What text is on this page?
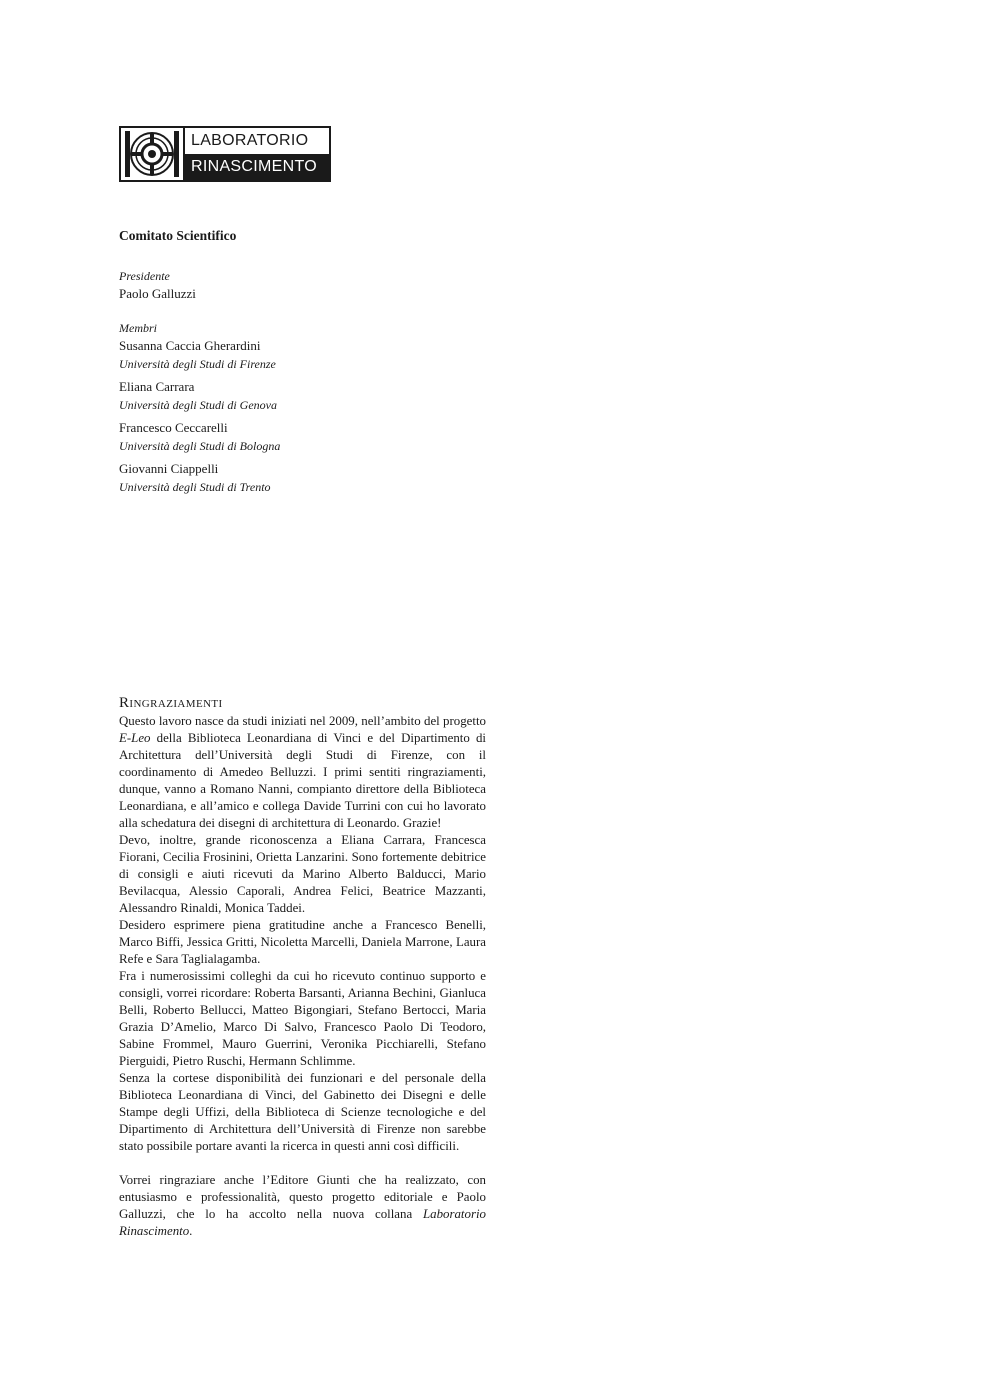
LABORATORIO
RINASCIMENTO
Comitato Scientifico
Presidente
Paolo Galluzzi
Membri
Susanna Caccia Gherardini
Università degli Studi di Firenze
Eliana Carrara
Università degli Studi di Genova
Francesco Ceccarelli
Università degli Studi di Bologna
Giovanni Ciappelli
Università degli Studi di Trento
Ringraziamenti

Questo lavoro nasce da studi iniziati nel 2009, nell’ambito del progetto E-Leo della Biblioteca Leonardiana di Vinci e del Dipartimento di Architettura dell’Università degli Studi di Firenze, con il coordinamento di Amedeo Belluzzi. I primi sentiti ringraziamenti, dunque, vanno a Romano Nanni, compianto direttore della Biblioteca Leonardiana, e all’amico e collega Davide Turrini con cui ho lavorato alla schedatura dei disegni di architettura di Leonardo. Grazie!

Devo, inoltre, grande riconoscenza a Eliana Carrara, Francesca Fiorani, Cecilia Frosinini, Orietta Lanzarini. Sono fortemente debitrice di consigli e aiuti ricevuti da Marino Alberto Balducci, Mario Bevilacqua, Alessio Caporali, Andrea Felici, Beatrice Mazzanti, Alessandro Rinaldi, Monica Taddei.

Desidero esprimere piena gratitudine anche a Francesco Benelli, Marco Biffi, Jessica Gritti, Nicoletta Marcelli, Daniela Marrone, Laura Refe e Sara Taglialagamba.

Fra i numerosissimi colleghi da cui ho ricevuto continuo supporto e consigli, vorrei ricordare: Roberta Barsanti, Arianna Bechini, Gianluca Belli, Roberto Bellucci, Matteo Bigongiari, Stefano Bertocci, Maria Grazia D’Amelio, Marco Di Salvo, Francesco Paolo Di Teodoro, Sabine Frommel, Mauro Guerrini, Veronika Picchiarelli, Stefano Pierguidi, Pietro Ruschi, Hermann Schlimme.

Senza la cortese disponibilità dei funzionari e del personale della Biblioteca Leonardiana di Vinci, del Gabinetto dei Disegni e delle Stampe degli Uffizi, della Biblioteca di Scienze tecnologiche e del Dipartimento di Architettura dell’Università di Firenze non sarebbe stato possibile portare avanti la ricerca in questi anni così difficili.

Vorrei ringraziare anche l’Editore Giunti che ha realizzato, con entusiasmo e professionalità, questo progetto editoriale e Paolo Galluzzi, che lo ha accolto nella nuova collana Laboratorio Rinascimento.
